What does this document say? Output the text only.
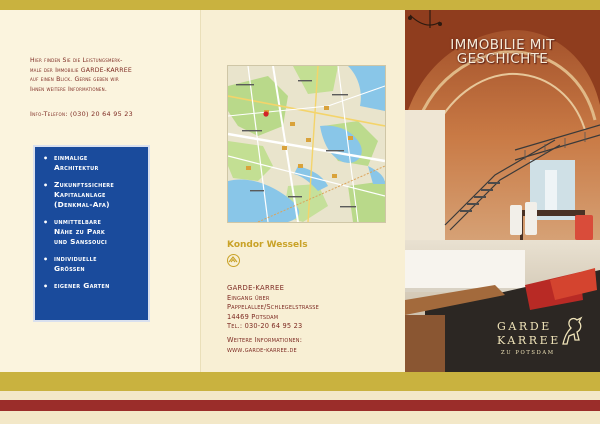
Hier finden Sie die Leistungsmerk-
male der Immobilie GARDE-KARREE
auf einen Blick. Gerne geben wir
Ihnen weitere Informationen.
Info-Telefon: (030) 20 64 95 23
• einmalige
Architektur
• Zukunftssichere
Kapitalanlage
(Denkmal-Afa)
• unmittelbare
Nähe zu Park
und Sanssouci
• individuelle
Grössen
• eigener Garten
Kondor Wessels
GARDE-KARREE
Eingang über
Pappelallee/Schlegelstrasse
14469 Potsdam
Tel.: 030-20 64 95 23
Weitere Informationen:
www.garde-karree.de
IMMOBILIE MIT
GESCHICHTE
GARDE
KARREE
ZU POTSDAM
